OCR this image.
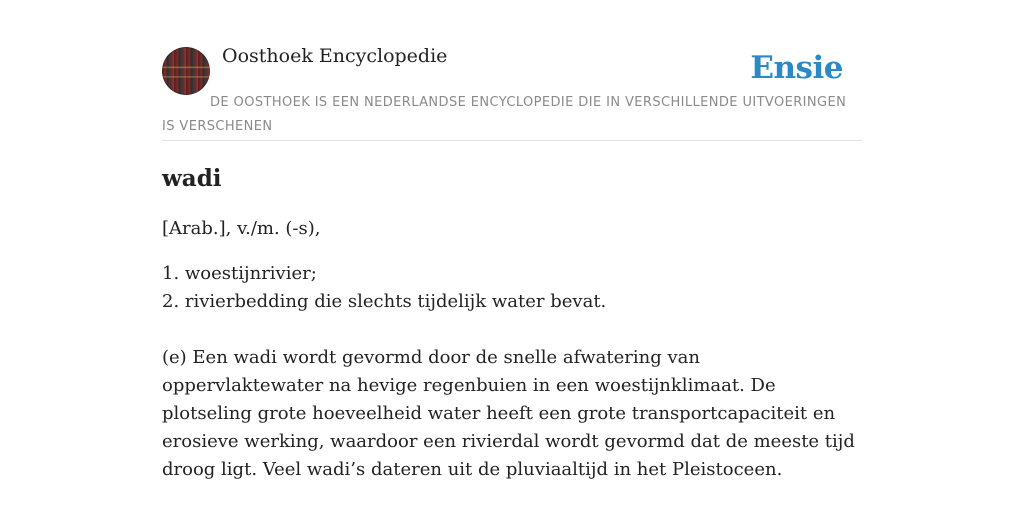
Oosthoek Encyclopedie	Ensie
DE OOSTHOEK IS EEN NEDERLANDSE ENCYCLOPEDIE DIE IN VERSCHILLENDE UITVOERINGEN IS VERSCHENEN
wadi
[Arab.], v./m. (-s),
1. woestijnrivier;
2. rivierbedding die slechts tijdelijk water bevat.
(e) Een wadi wordt gevormd door de snelle afwatering van oppervlaktewater na hevige regenbuien in een woestijnklimaat. De plotseling grote hoeveelheid water heeft een grote transportcapaciteit en erosieve werking, waardoor een rivierdal wordt gevormd dat de meeste tijd droog ligt. Veel wadi’s dateren uit de pluviaaltijd in het Pleistoceen.
